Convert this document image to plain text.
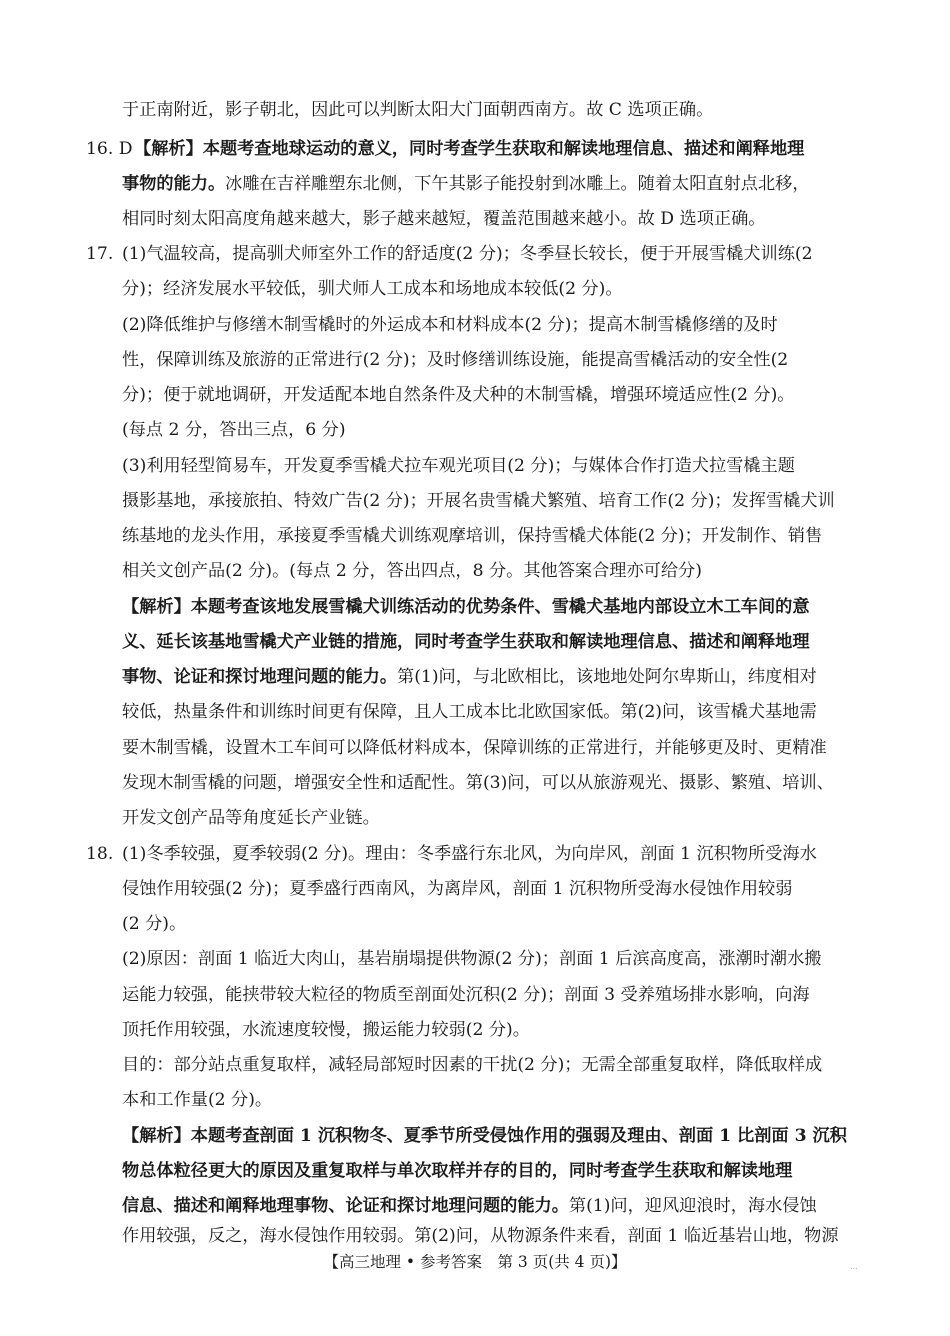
于正南附近，影子朝北，因此可以判断太阳大门面朝西南方。故 C 选项正确。
16. D 【解析】本题考查地球运动的意义，同时考查学生获取和解读地理信息、描述和阐释地理
事物的能力。冰雕在吉祥雕塑东北侧，下午其影子能投射到冰雕上。随着太阳直射点北移，
相同时刻太阳高度角越来越大，影子越来越短，覆盖范围越来越小。故 D 选项正确。
17. (1)气温较高，提高驯犬师室外工作的舒适度(2 分)；冬季昼长较长，便于开展雪橇犬训练(2
分)；经济发展水平较低，驯犬师人工成本和场地成本较低(2 分)。
(2)降低维护与修缮木制雪橇时的外运成本和材料成本(2 分)；提高木制雪橇修缮的及时
性，保障训练及旅游的正常进行(2 分)；及时修缮训练设施，能提高雪橇活动的安全性(2
分)；便于就地调研，开发适配本地自然条件及犬种的木制雪橇，增强环境适应性(2 分)。
(每点 2 分，答出三点，6 分)
(3)利用轻型简易车，开发夏季雪橇犬拉车观光项目(2 分)；与媒体合作打造犬拉雪橇主题
摄影基地，承接旅拍、特效广告(2 分)；开展名贵雪橇犬繁殖、培育工作(2 分)；发挥雪橇犬训
练基地的龙头作用，承接夏季雪橇犬训练观摩培训，保持雪橇犬体能(2 分)；开发制作、销售
相关文创产品(2 分)。(每点 2 分，答出四点，8 分。其他答案合理亦可给分)
【解析】本题考查该地发展雪橇犬训练活动的优势条件、雪橇犬基地内部设立木工车间的意
义、延长该基地雪橇犬产业链的措施，同时考查学生获取和解读地理信息、描述和阐释地理
事物、论证和探讨地理问题的能力。第(1)问，与北欧相比，该地地处阿尔卑斯山，纬度相对
较低，热量条件和训练时间更有保障，且人工成本比北欧国家低。第(2)问，该雪橇犬基地需
要木制雪橇，设置木工车间可以降低材料成本，保障训练的正常进行，并能够更及时、更精准
发现木制雪橇的问题，增强安全性和适配性。第(3)问，可以从旅游观光、摄影、繁殖、培训、
开发文创产品等角度延长产业链。
18. (1)冬季较强，夏季较弱(2 分)。理由：冬季盛行东北风，为向岸风，剖面 1 沉积物所受海水
侵蚀作用较强(2 分)；夏季盛行西南风，为离岸风，剖面 1 沉积物所受海水侵蚀作用较弱
(2 分)。
(2)原因：剖面 1 临近大肉山，基岩崩塌提供物源(2 分)；剖面 1 后滨高度高，涨潮时潮水搬
运能力较强，能挟带较大粒径的物质至剖面处沉积(2 分)；剖面 3 受养殖场排水影响，向海
顶托作用较强，水流速度较慢，搬运能力较弱(2 分)。
目的：部分站点重复取样，减轻局部短时因素的干扰(2 分)；无需全部重复取样，降低取样成
本和工作量(2 分)。
【解析】本题考查剖面 1 沉积物冬、夏季节所受侵蚀作用的强弱及理由、剖面 1 比剖面 3 沉积
物总体粒径更大的原因及重复取样与单次取样并存的目的，同时考查学生获取和解读地理
信息、描述和阐释地理事物、论证和探讨地理问题的能力。第(1)问，迎风迎浪时，海水侵蚀
作用较强，反之，海水侵蚀作用较弱。第(2)问，从物源条件来看，剖面 1 临近基岩山地，物源
【高三地理 • 参考答案　第 3 页(共 4 页)】	...
